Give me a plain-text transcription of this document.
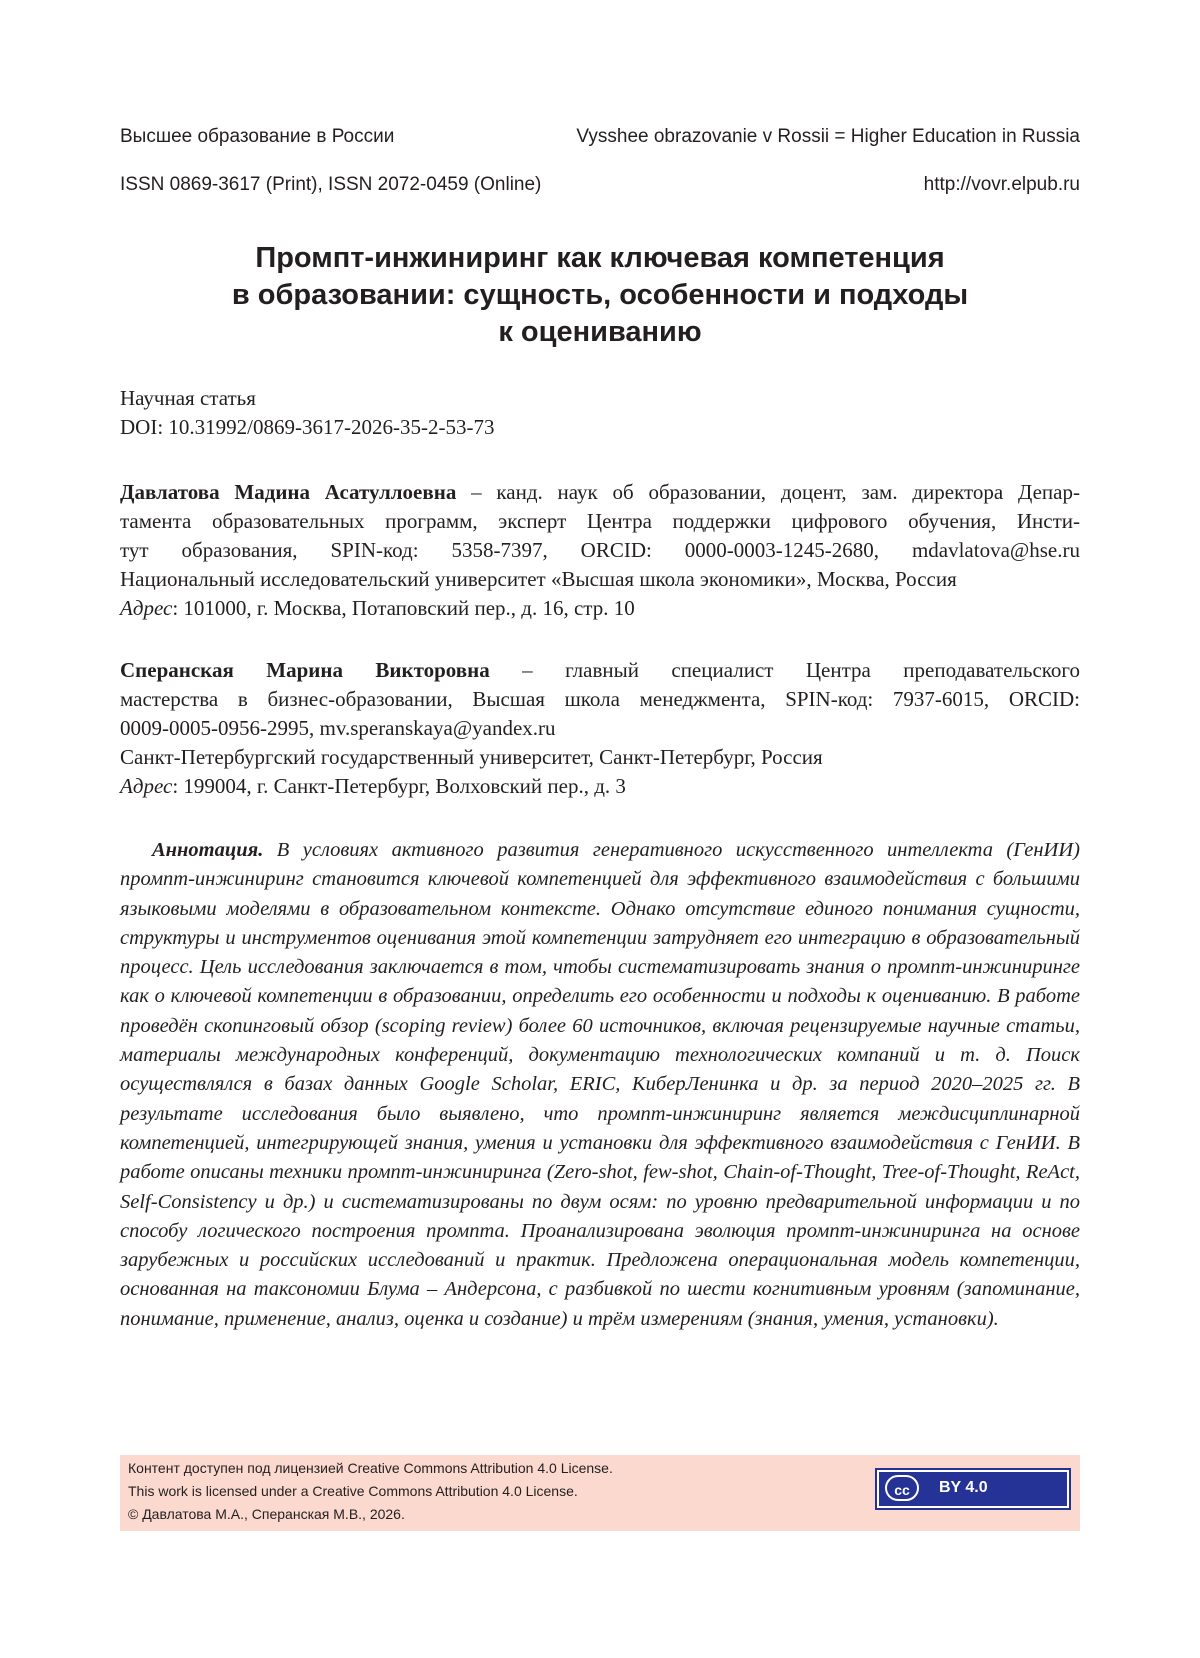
Высшее образование в России	Vysshee obrazovanie v Rossii = Higher Education in Russia
ISSN 0869-3617 (Print), ISSN 2072-0459 (Online)	http://vovr.elpub.ru
Промпт-инжиниринг как ключевая компетенция
в образовании: сущность, особенности и подходы
к оцениванию
Научная статья
DOI: 10.31992/0869-3617-2026-35-2-53-73
Давлатова Мадина Асатуллоевна – канд. наук об образовании, доцент, зам. директора Депар-
тамента образовательных программ, эксперт Центра поддержки цифрового обучения, Инсти-
тут образования, SPIN-код: 5358-7397, ORCID: 0000-0003-1245-2680, mdavlatova@hse.ru
Национальный исследовательский университет «Высшая школа экономики», Москва, Россия
Адрес: 101000, г. Москва, Потаповский пер., д. 16, стр. 10
Сперанская Марина Викторовна – главный специалист Центра преподавательского
мастерства в бизнес-образовании, Высшая школа менеджмента, SPIN-код: 7937-6015, ORCID:
0009-0005-0956-2995, mv.speranskaya@yandex.ru
Санкт-Петербургский государственный университет, Санкт-Петербург, Россия
Адрес: 199004, г. Санкт-Петербург, Волховский пер., д. 3

Аннотация. В условиях активного развития генеративного искусственного интеллекта (ГенИИ) промпт-инжиниринг становится ключевой компетенцией для эффективного взаимодействия с большими языковыми моделями в образовательном контексте. Однако отсутствие единого понимания сущности, структуры и инструментов оценивания этой компетенции затрудняет его интеграцию в образовательный процесс. Цель исследования заключается в том, чтобы систематизировать знания о промпт-инжиниринге как о ключевой компетенции в образовании, определить его особенности и подходы к оцениванию. В работе проведён скопинговый обзор (scoping review) более 60 источников, включая рецензируемые научные статьи, материалы международных конференций, документацию технологических компаний и т. д. Поиск осуществлялся в базах данных Google Scholar, ERIC, КиберЛенинка и др. за период 2020–2025 гг. В результате исследования было выявлено, что промпт-инжиниринг является междисциплинарной компетенцией, интегрирующей знания, умения и установки для эффективного взаимодействия с ГенИИ. В работе описаны техники промпт-инжиниринга (Zero-shot, few-shot, Chain-of-Thought, Tree-of-Thought, ReAct, Self-Consistency и др.) и систематизированы по двум осям: по уровню предварительной информации и по способу логического построения промпта. Проанализирована эволюция промпт-инжиниринга на основе зарубежных и российских исследований и практик. Предложена операциональная модель компетенции, основанная на таксономии Блума – Андерсона, с разбивкой по шести когнитивным уровням (запоминание, понимание, применение, анализ, оценка и создание) и трём измерениям (знания, умения, установки).

Контент доступен под лицензией Creative Commons Attribution 4.0 License.
This work is licensed under a Creative Commons Attribution 4.0 License.
© Давлатова М.А., Сперанская М.В., 2026.
cc	BY 4.0
